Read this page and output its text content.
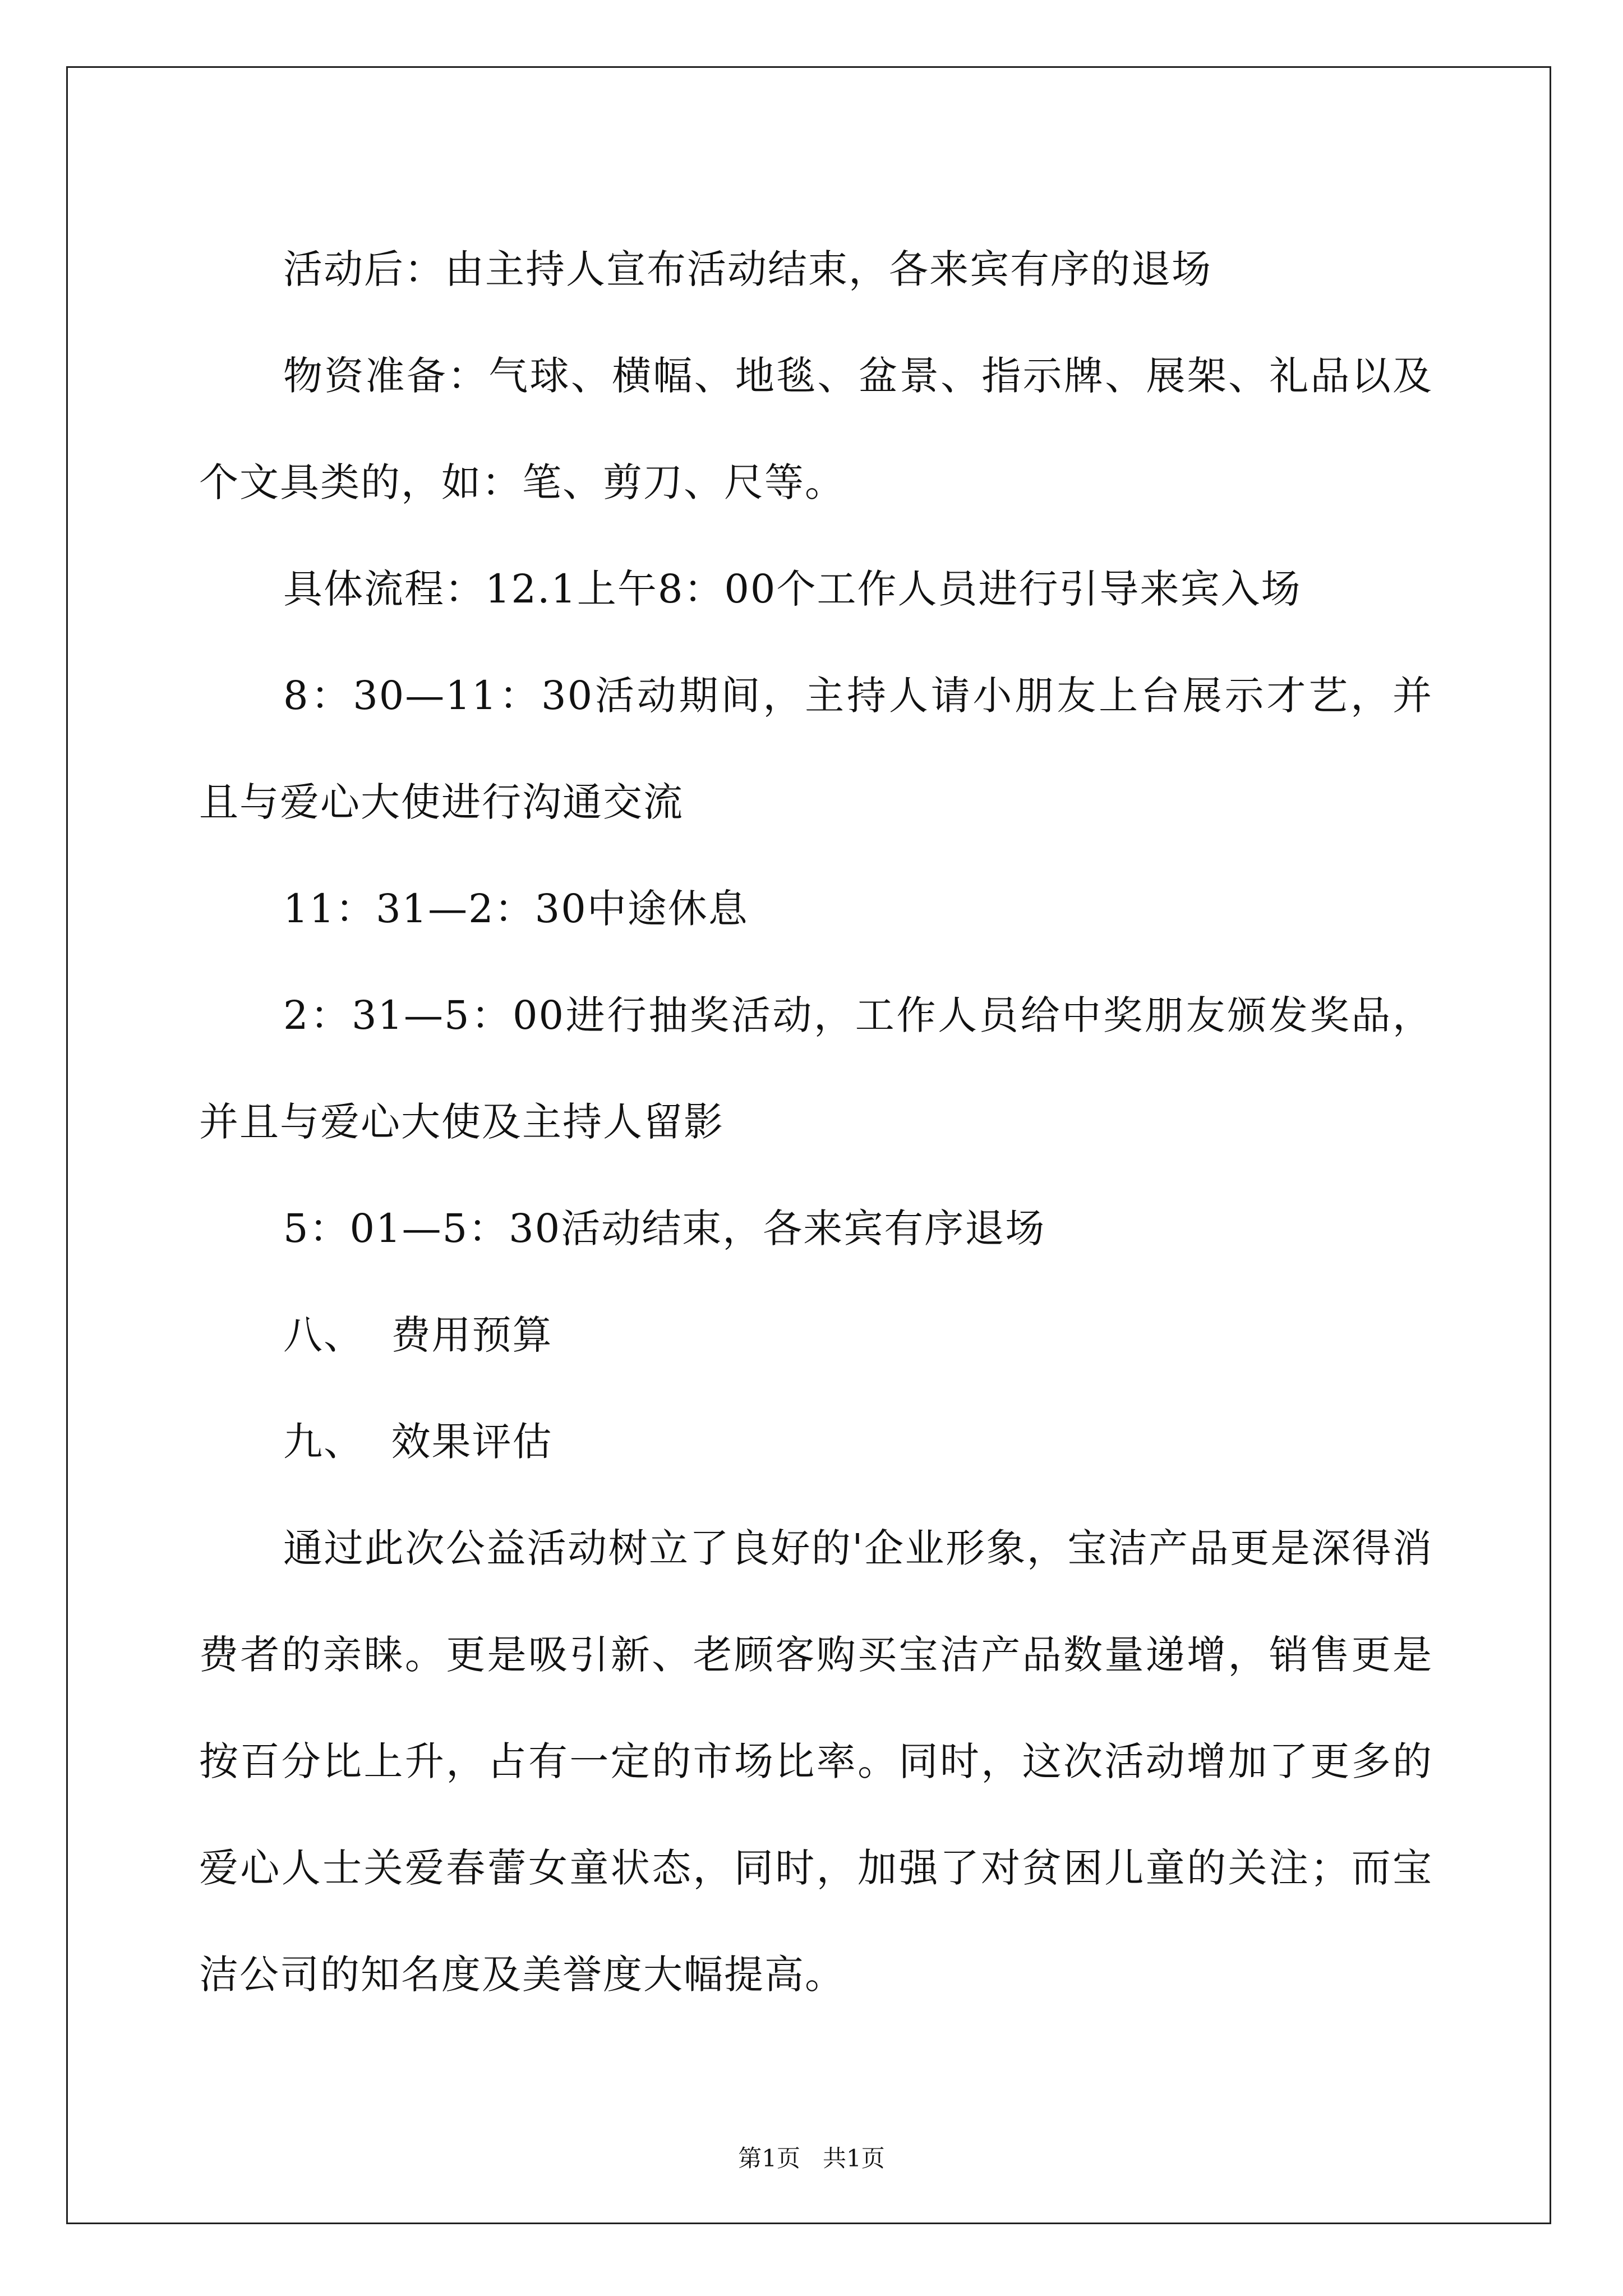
活动后：由主持人宣布活动结束，各来宾有序的退场

物资准备：气球、横幅、地毯、盆景、指示牌、展架、礼品以及个文具类的，如：笔、剪刀、尺等。

具体流程：12.1上午8：00个工作人员进行引导来宾入场

8：30—11：30活动期间，主持人请小朋友上台展示才艺，并且与爱心大使进行沟通交流

11：31—2：30中途休息

2：31—5：00进行抽奖活动，工作人员给中奖朋友颁发奖品，并且与爱心大使及主持人留影

5：01—5：30活动结束，各来宾有序退场

八、  费用预算

九、  效果评估

通过此次公益活动树立了良好的'企业形象，宝洁产品更是深得消费者的亲睐。更是吸引新、老顾客购买宝洁产品数量递增，销售更是按百分比上升，占有一定的市场比率。同时，这次活动增加了更多的爱心人士关爱春蕾女童状态，同时，加强了对贫困儿童的关注；而宝洁公司的知名度及美誉度大幅提高。

第1页   共1页
